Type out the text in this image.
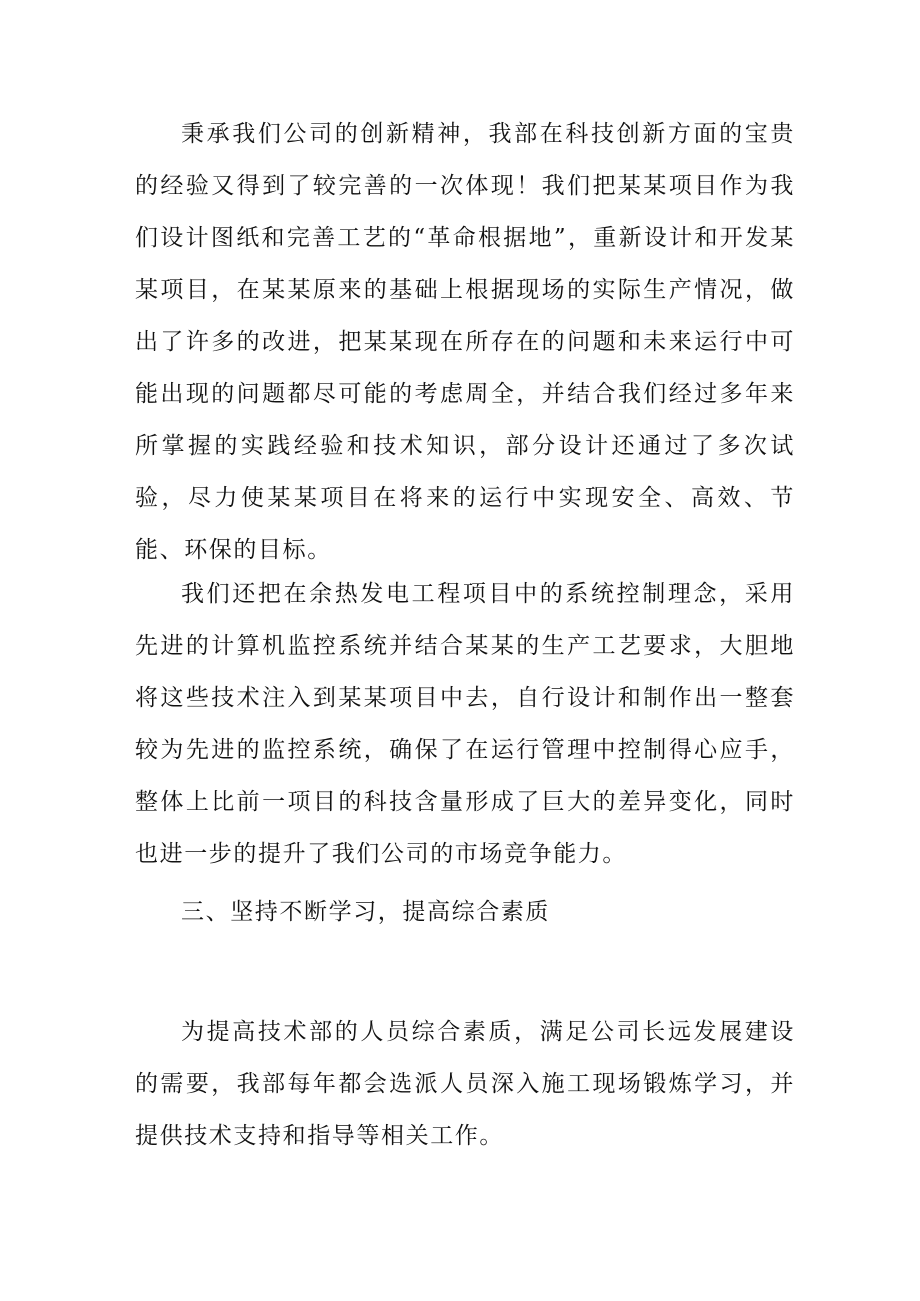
秉承我们公司的创新精神，我部在科技创新方面的宝贵的经验又得到了较完善的一次体现！我们把某某项目作为我们设计图纸和完善工艺的“革命根据地”，重新设计和开发某某项目，在某某原来的基础上根据现场的实际生产情况，做出了许多的改进，把某某现在所存在的问题和未来运行中可能出现的问题都尽可能的考虑周全，并结合我们经过多年来所掌握的实践经验和技术知识，部分设计还通过了多次试验，尽力使某某项目在将来的运行中实现安全、高效、节能、环保的目标。

我们还把在余热发电工程项目中的系统控制理念，采用先进的计算机监控系统并结合某某的生产工艺要求，大胆地将这些技术注入到某某项目中去，自行设计和制作出一整套较为先进的监控系统，确保了在运行管理中控制得心应手，整体上比前一项目的科技含量形成了巨大的差异变化，同时也进一步的提升了我们公司的市场竞争能力。

三、坚持不断学习，提高综合素质

为提高技术部的人员综合素质，满足公司长远发展建设的需要，我部每年都会选派人员深入施工现场锻炼学习，并提供技术支持和指导等相关工作。
